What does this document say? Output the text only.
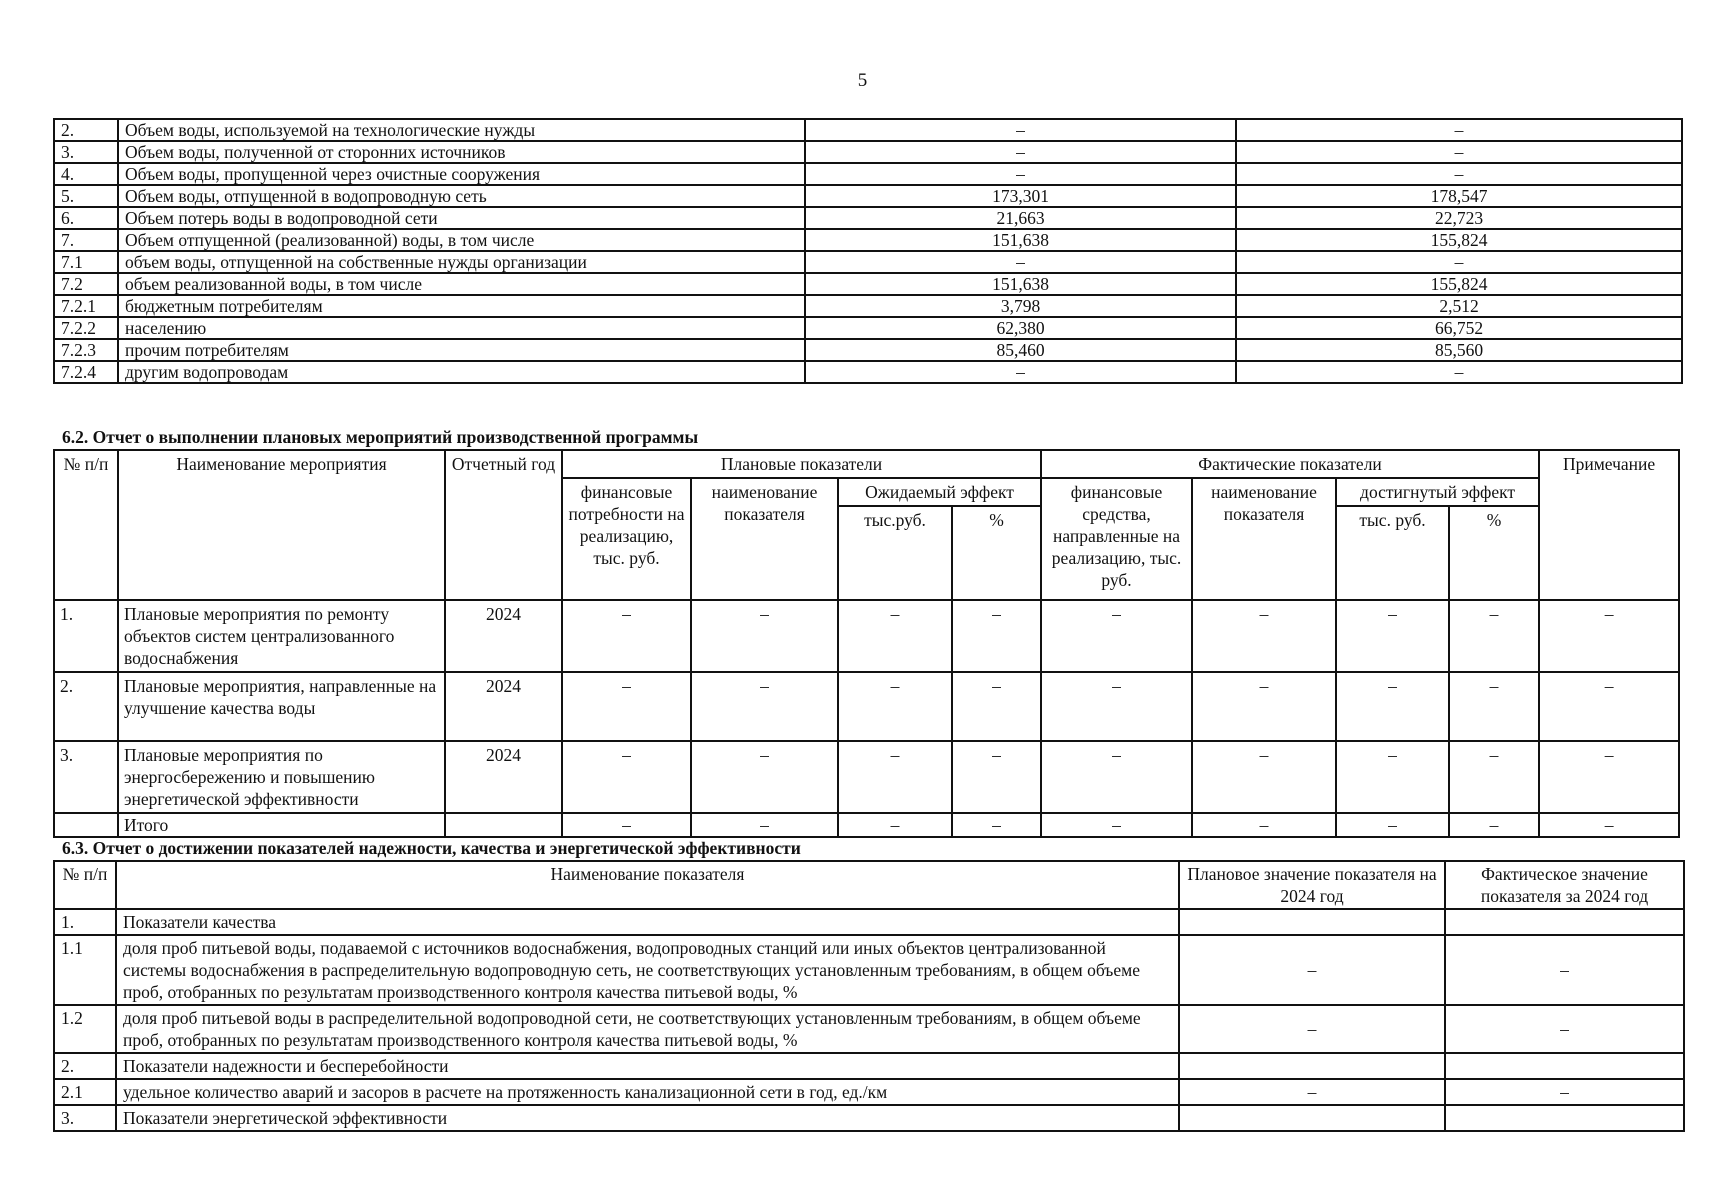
5
2.	Объем воды, используемой на технологические нужды	–	–
3.	Объем воды, полученной от сторонних источников	–	–
4.	Объем воды, пропущенной через очистные сооружения	–	–
5.	Объем воды, отпущенной в водопроводную сеть	173,301	178,547
6.	Объем потерь воды в водопроводной сети	21,663	22,723
7.	Объем отпущенной (реализованной) воды, в том числе	151,638	155,824
7.1	объем воды, отпущенной на собственные нужды организации	–	–
7.2	объем реализованной воды, в том числе	151,638	155,824
7.2.1	бюджетным потребителям	3,798	2,512
7.2.2	населению	62,380	66,752
7.2.3	прочим потребителям	85,460	85,560
7.2.4	другим водопроводам	–	–
6.2. Отчет о выполнении плановых мероприятий производственной программы
№ п/п	Наименование мероприятия	Отчетный год	Плановые показатели				Фактические показатели				Примечание
			финансовые потребности на реализацию, тыс. руб.	наименование показателя	Ожидаемый эффект		финансовые средства, направленные на реализацию, тыс. руб.	наименование показателя	достигнутый эффект		
					тыс.руб.	%			тыс. руб.	%	
1.	Плановые мероприятия по ремонту объектов систем централизованного водоснабжения	2024	–	–	–	–	–	–	–	–	–
2.	Плановые мероприятия, направленные на улучшение качества воды	2024	–	–	–	–	–	–	–	–	–
3.	Плановые мероприятия по энергосбережению и повышению энергетической эффективности	2024	–	–	–	–	–	–	–	–	–
	Итого		–	–	–	–	–	–	–	–	–
6.3. Отчет о достижении показателей надежности, качества и энергетической эффективности
№ п/п	Наименование показателя	Плановое значение показателя на 2024 год	Фактическое значение показателя за 2024 год
1.	Показатели качества		
1.1	доля проб питьевой воды, подаваемой с источников водоснабжения, водопроводных станций или иных объектов централизованной системы водоснабжения в распределительную водопроводную сеть, не соответствующих установленным требованиям, в общем объеме проб, отобранных по результатам производственного контроля качества питьевой воды, %	–	–
1.2	доля проб питьевой воды в распределительной водопроводной сети, не соответствующих установленным требованиям, в общем объеме проб, отобранных по результатам производственного контроля качества питьевой воды, %	–	–
2.	Показатели надежности и бесперебойности		
2.1	удельное количество аварий и засоров в расчете на протяженность канализационной сети в год, ед./км	–	–
3.	Показатели энергетической эффективности		
